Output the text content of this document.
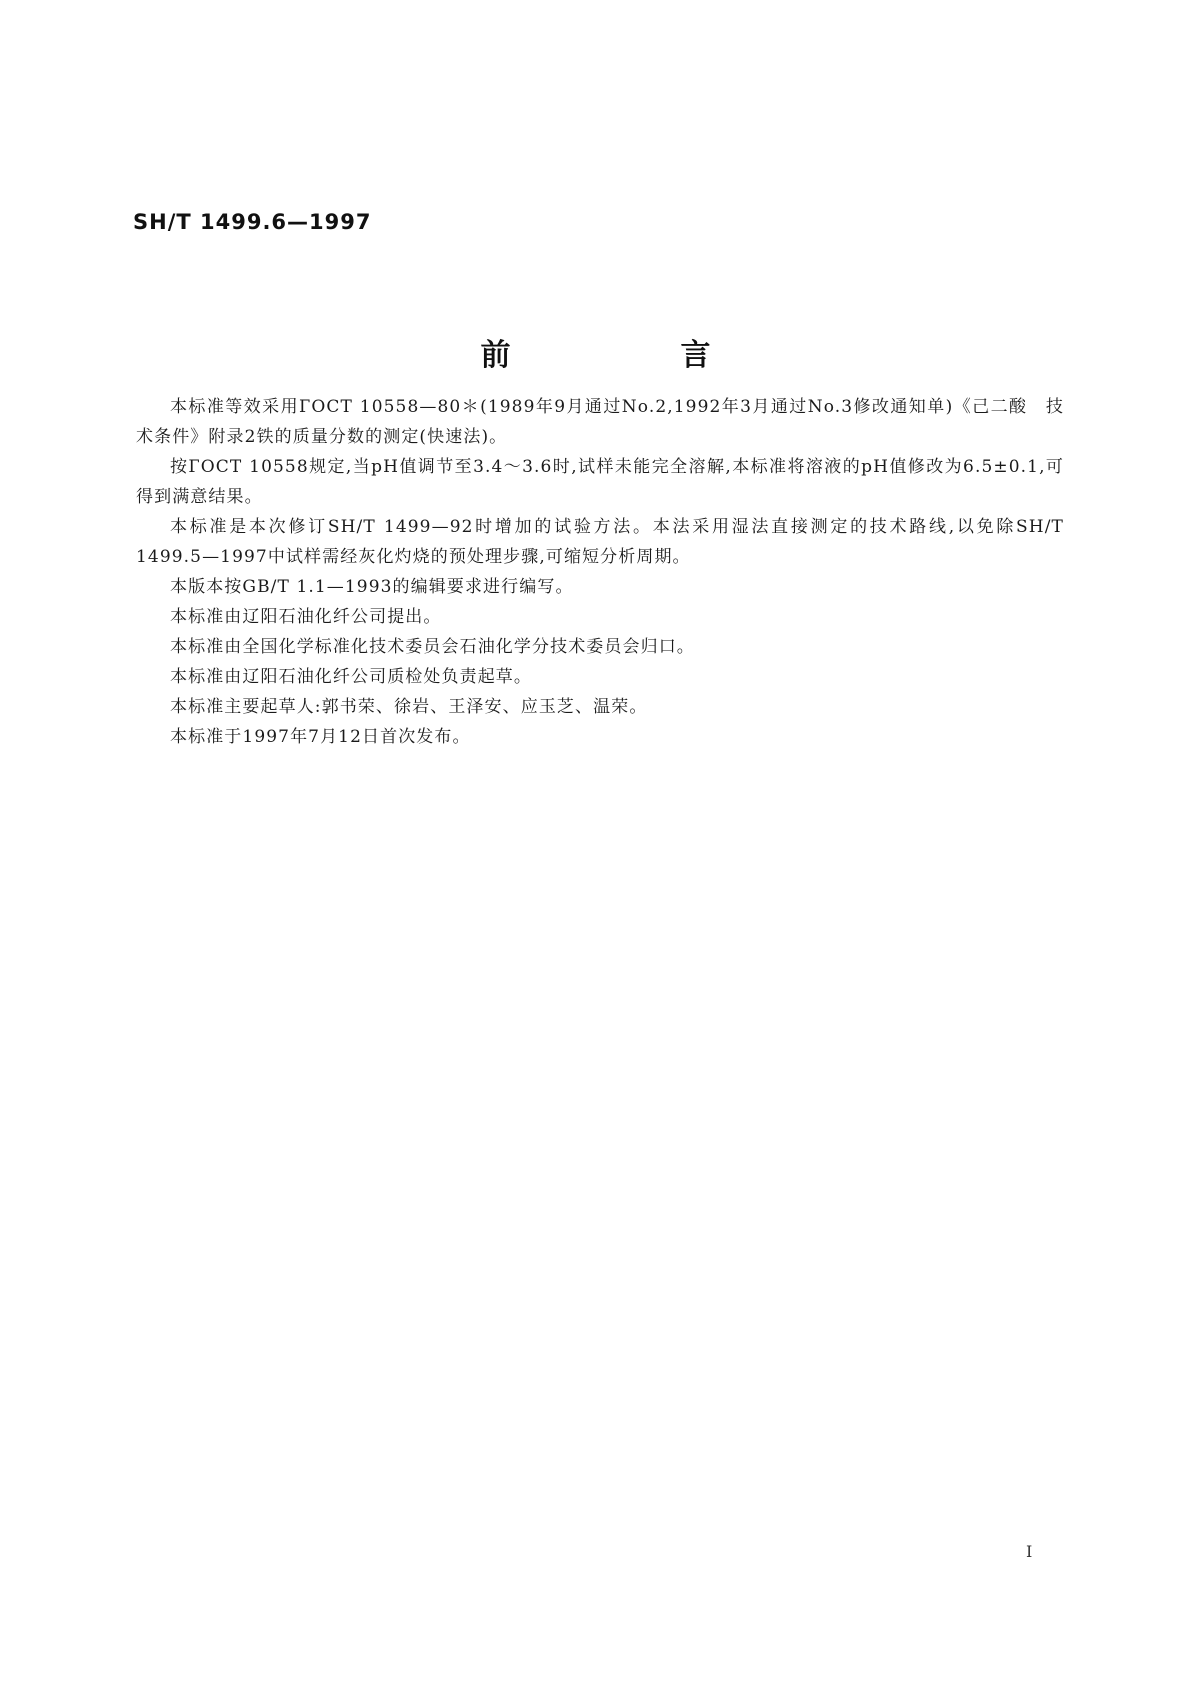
SH/T 1499.6—1997
前　言

本标准等效采用ГОСТ 10558—80＊(1989年9月通过No.2,1992年3月通过No.3修改通知单)《己二酸　技术条件》附录2铁的质量分数的测定(快速法)。

按ГОСТ 10558规定,当pH值调节至3.4～3.6时,试样未能完全溶解,本标准将溶液的pH值修改为6.5±0.1,可得到满意结果。

本标准是本次修订SH/T 1499—92时增加的试验方法。本法采用湿法直接测定的技术路线,以免除SH/T 1499.5—1997中试样需经灰化灼烧的预处理步骤,可缩短分析周期。

本版本按GB/T 1.1—1993的编辑要求进行编写。

本标准由辽阳石油化纤公司提出。

本标准由全国化学标准化技术委员会石油化学分技术委员会归口。

本标准由辽阳石油化纤公司质检处负责起草。

本标准主要起草人:郭书荣、徐岩、王泽安、应玉芝、温荣。

本标准于1997年7月12日首次发布。

I
